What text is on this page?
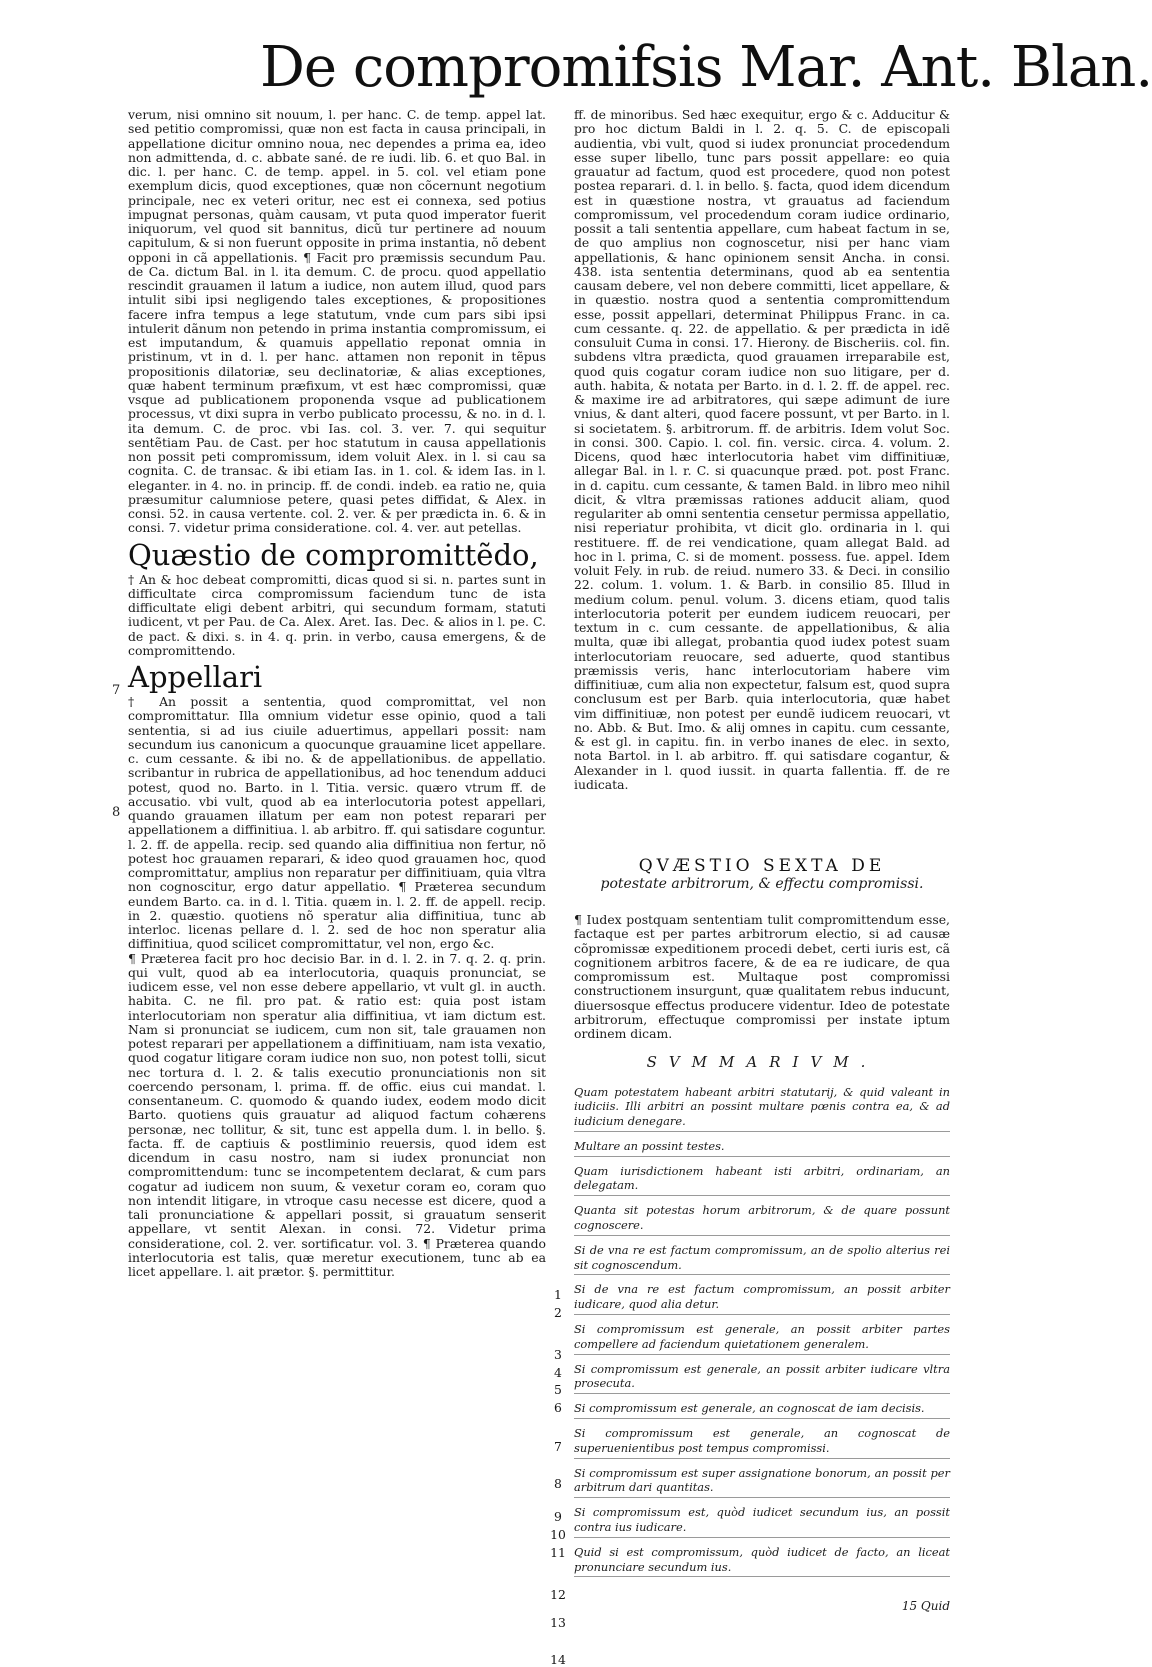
De compromifsis Mar. Ant. Blan.
7
8

verum, nisi omnino sit nouum, l. per hanc. C. de temp. appel lat. sed petitio compromissi, quæ non est facta in causa principali, in appellatione dicitur omnino noua, nec dependes a prima ea, ideo non admittenda, d. c. abbate sané. de re iudi. lib. 6. et quo Bal. in dic. l. per hanc. C. de temp. appel. in 5. col. vel etiam pone exemplum dicis, quod exceptiones, quæ non cõcernunt negotium principale, nec ex veteri oritur, nec est ei connexa, sed potius impugnat personas, quàm causam, vt puta quod imperator fuerit iniquorum, vel quod sit bannitus, dicũ tur pertinere ad nouum capitulum, & si non fuerunt opposite in prima instantia, nõ debent opponi in cã appellationis. ¶ Facit pro præmissis secundum Pau. de Ca. dictum Bal. in l. ita demum. C. de procu. quod appellatio rescindit grauamen il latum a iudice, non autem illud, quod pars intulit sibi ipsi negligendo tales exceptiones, & propositiones facere infra tempus a lege statutum, vnde cum pars sibi ipsi intulerit dãnum non petendo in prima instantia compromissum, ei est imputandum, & quamuis appellatio reponat omnia in pristinum, vt in d. l. per hanc. attamen non reponit in tẽpus propositionis dilatoriæ, seu declinatoriæ, & alias exceptiones, quæ habent terminum præfixum, vt est hæc compromissi, quæ vsque ad publicationem proponenda vsque ad publicationem processus, vt dixi supra in verbo publicato processu, & no. in d. l. ita demum. C. de proc. vbi Ias. col. 3. ver. 7. qui sequitur sentẽtiam Pau. de Cast. per hoc statutum in causa appellationis non possit peti compromissum, idem voluit Alex. in l. si cau sa cognita. C. de transac. & ibi etiam Ias. in 1. col. & idem Ias. in l. eleganter. in 4. no. in princip. ff. de condi. indeb. ea ratio ne, quia præsumitur calumniose petere, quasi petes diffidat, & Alex. in consi. 52. in causa vertente. col. 2. ver. & per prædicta in. 6. & in consi. 7. videtur prima consideratione. col. 4. ver. aut petellas.

Quæstio de compromittẽdo,

† An & hoc debeat compromitti, dicas quod si si. n. partes sunt in difficultate circa compromissum faciendum tunc de ista difficultate eligi debent arbitri, qui secundum formam, statuti iudicent, vt per Pau. de Ca. Alex. Aret. Ias. Dec. & alios in l. pe. C. de pact. & dixi. s. in 4. q. prin. in verbo, causa emergens, & de compromittendo.

Appellari

† An possit a sententia, quod compromittat, vel non compromittatur. Illa omnium videtur esse opinio, quod a tali sententia, si ad ius ciuile aduertimus, appellari possit: nam secundum ius canonicum a quocunque grauamine licet appellare. c. cum cessante. & ibi no. & de appellationibus. de appellatio. scribantur in rubrica de appellationibus, ad hoc tenendum adduci potest, quod no. Barto. in l. Titia. versic. quæro vtrum ff. de accusatio. vbi vult, quod ab ea interlocutoria potest appellari, quando grauamen illatum per eam non potest reparari per appellationem a diffinitiua. l. ab arbitro. ff. qui satisdare coguntur. l. 2. ff. de appella. recip. sed quando alia diffinitiua non fertur, nõ potest hoc grauamen reparari, & ideo quod grauamen hoc, quod compromittatur, amplius non reparatur per diffinitiuam, quia vltra non cognoscitur, ergo datur appellatio. ¶ Præterea secundum eundem Barto. ca. in d. l. Titia. quæm in. l. 2. ff. de appell. recip. in 2. quæstio. quotiens nõ speratur alia diffinitiua, tunc ab interloc. licenas pellare d. l. 2. sed de hoc non speratur alia diffinitiua, quod scilicet compromittatur, vel non, ergo &c.

¶ Præterea facit pro hoc decisio Bar. in d. l. 2. in 7. q. 2. q. prin. qui vult, quod ab ea interlocutoria, quaquis pronunciat, se iudicem esse, vel non esse debere appellario, vt vult gl. in aucth. habita. C. ne fil. pro pat. & ratio est: quia post istam interlocutoriam non speratur alia diffinitiua, vt iam dictum est. Nam si pronunciat se iudicem, cum non sit, tale grauamen non potest reparari per appellationem a diffinitiuam, nam ista vexatio, quod cogatur litigare coram iudice non suo, non potest tolli, sicut nec tortura d. l. 2. & talis executio pronunciationis non sit coercendo personam, l. prima. ff. de offic. eius cui mandat. l. consentaneum. C. quomodo & quando iudex, eodem modo dicit Barto. quotiens quis grauatur ad aliquod factum cohærens personæ, nec tollitur, & sit, tunc est appella dum. l. in bello. §. facta. ff. de captiuis & postliminio reuersis, quod idem est dicendum in casu nostro, nam si iudex pronunciat non compromittendum: tunc se incompetentem declarat, & cum pars cogatur ad iudicem non suum, & vexetur coram eo, coram quo non intendit litigare, in vtroque casu necesse est dicere, quod a tali pronunciatione & appellari possit, si grauatum senserit appellare, vt sentit Alexan. in consi. 72. Videtur prima consideratione, col. 2. ver. sortificatur. vol. 3. ¶ Præterea quando interlocutoria est talis, quæ meretur executionem, tunc ab ea licet appellare. l. ait prætor. §. permittitur.

1
2
3
4
5
6
7
8
9
10
11
12
13
14

ff. de minoribus. Sed hæc exequitur, ergo & c. Adducitur & pro hoc dictum Baldi in l. 2. q. 5. C. de episcopali audientia, vbi vult, quod si iudex pronunciat procedendum esse super libello, tunc pars possit appellare: eo quia grauatur ad factum, quod est procedere, quod non potest postea reparari. d. l. in bello. §. facta, quod idem dicendum est in quæstione nostra, vt grauatus ad faciendum compromissum, vel procedendum coram iudice ordinario, possit a tali sententia appellare, cum habeat factum in se, de quo amplius non cognoscetur, nisi per hanc viam appellationis, & hanc opinionem sensit Ancha. in consi. 438. ista sententia determinans, quod ab ea sententia causam debere, vel non debere committi, licet appellare, & in quæstio. nostra quod a sententia compromittendum esse, possit appellari, determinat Philippus Franc. in ca. cum cessante. q. 22. de appellatio. & per prædicta in idẽ consuluit Cuma in consi. 17. Hierony. de Bischeriis. col. fin. subdens vltra prædicta, quod grauamen irreparabile est, quod quis cogatur coram iudice non suo litigare, per d. auth. habita, & notata per Barto. in d. l. 2. ff. de appel. rec. & maxime ire ad arbitratores, qui sæpe adimunt de iure vnius, & dant alteri, quod facere possunt, vt per Barto. in l. si societatem. §. arbitrorum. ff. de arbitris. Idem volut Soc. in consi. 300. Capio. l. col. fin. versic. circa. 4. volum. 2. Dicens, quod hæc interlocutoria habet vim diffinitiuæ, allegar Bal. in l. r. C. si quacunque præd. pot. post Franc. in d. capitu. cum cessante, & tamen Bald. in libro meo nihil dicit, & vltra præmissas rationes adducit aliam, quod regulariter ab omni sententia censetur permissa appellatio, nisi reperiatur prohibita, vt dicit glo. ordinaria in l. qui restituere. ff. de rei vendicatione, quam allegat Bald. ad hoc in l. prima, C. si de moment. possess. fue. appel. Idem voluit Fely. in rub. de reiud. numero 33. & Deci. in consilio 22. colum. 1. volum. 1. & Barb. in consilio 85. Illud in medium colum. penul. volum. 3. dicens etiam, quod talis interlocutoria poterit per eundem iudicem reuocari, per textum in c. cum cessante. de appellationibus, & alia multa, quæ ibi allegat, probantia quod iudex potest suam interlocutoriam reuocare, sed aduerte, quod stantibus præmissis veris, hanc interlocutoriam habere vim diffinitiuæ, cum alia non expectetur, falsum est, quod supra conclusum est per Barb. quia interlocutoria, quæ habet vim diffinitiuæ, non potest per eundẽ iudicem reuocari, vt no. Abb. & But. Imo. & alij omnes in capitu. cum cessante, & est gl. in capitu. fin. in verbo inanes de elec. in sexto, nota Bartol. in l. ab arbitro. ff. qui satisdare cogantur, & Alexander in l. quod iussit. in quarta fallentia. ff. de re iudicata.

QVÆSTIO SEXTA DE

potestate arbitrorum, & effectu compromissi.

¶ Iudex postquam sententiam tulit compromittendum esse, factaque est per partes arbitrorum electio, si ad causæ cõpromissæ expeditionem procedi debet, certi iuris est, cã cognitionem arbitros facere, & de ea re iudicare, de qua compromissum est. Multaque post compromissi constructionem insurgunt, quæ qualitatem rebus inducunt, diuersosque effectus producere videntur. Ideo de potestate arbitrorum, effectuque compromissi per instate iptum ordinem dicam.

SVMMARIVM.
Quam potestatem habeant arbitri statutarij, & quid valeant in iudiciis. Illi arbitri an possint multare pœnis contra ea, & ad iudicium denegare.
Multare an possint testes.
Quam iurisdictionem habeant isti arbitri, ordinariam, an delegatam.
Quanta sit potestas horum arbitrorum, & de quare possunt cognoscere.
Si de vna re est factum compromissum, an de spolio alterius rei sit cognoscendum.
Si de vna re est factum compromissum, an possit arbiter iudicare, quod alia detur.
Si compromissum est generale, an possit arbiter partes compellere ad faciendum quietationem generalem.
Si compromissum est generale, an possit arbiter iudicare vltra prosecuta.
Si compromissum est generale, an cognoscat de iam decisis.
Si compromissum est generale, an cognoscat de superuenientibus post tempus compromissi.
Si compromissum est super assignatione bonorum, an possit per arbitrum dari quantitas.
Si compromissum est, quòd iudicet secundum ius, an possit contra ius iudicare.
Quid si est compromissum, quòd iudicet de facto, an liceat pronunciare secundum ius.
15 Quid
